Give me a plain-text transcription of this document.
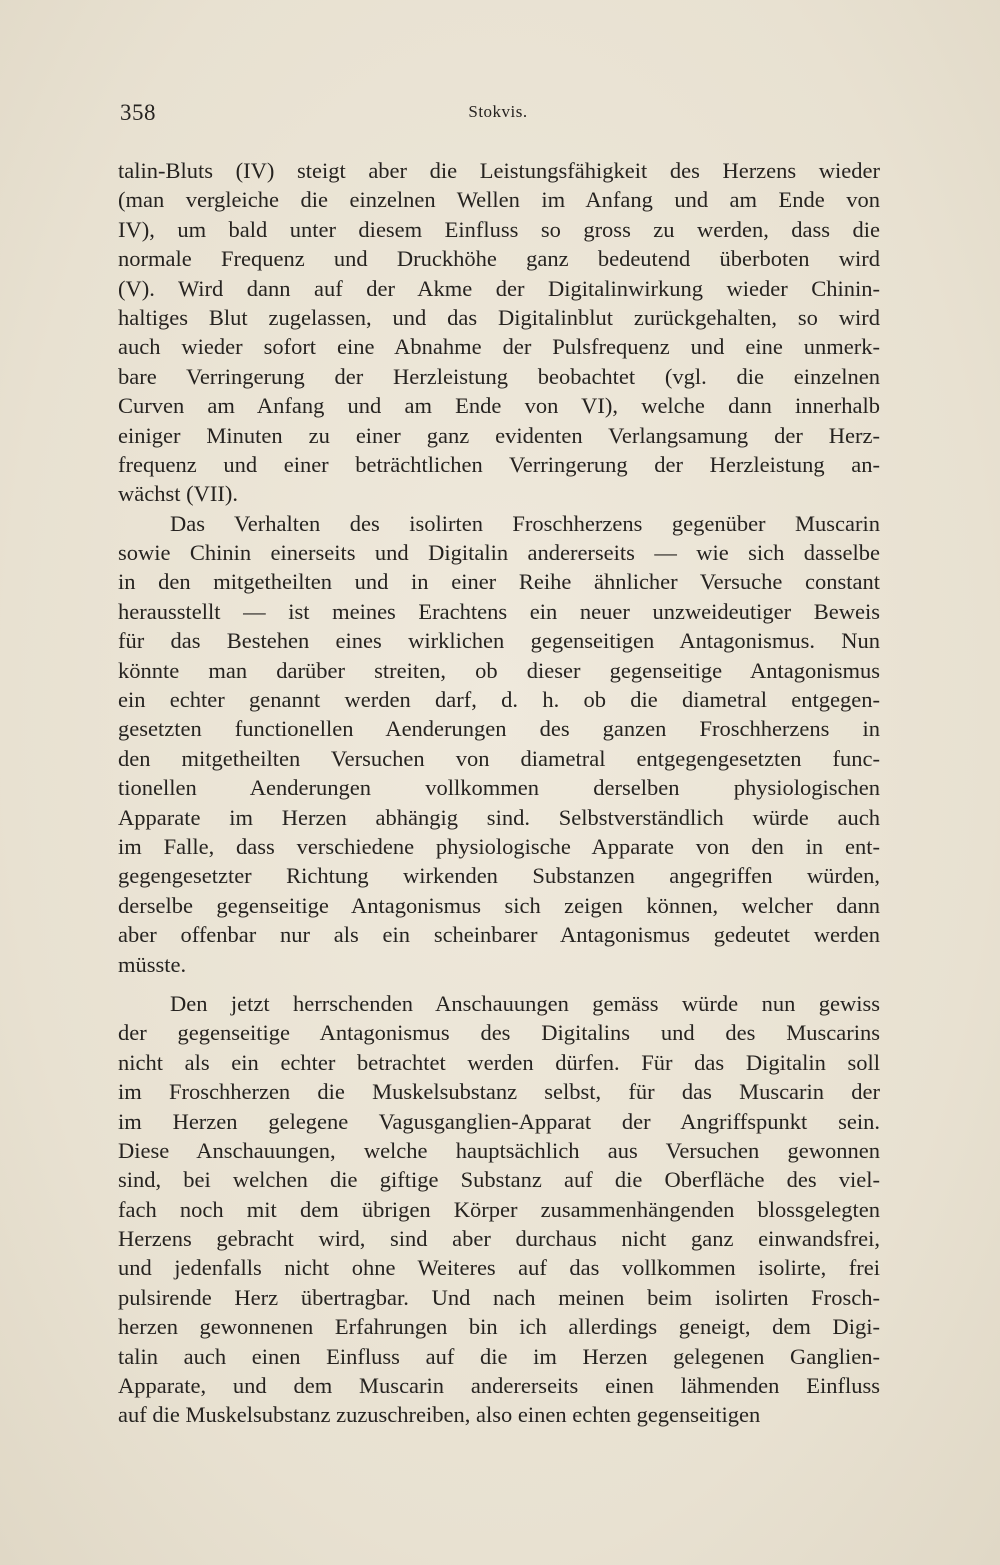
358	Stokvis.
talin-Bluts (IV) steigt aber die Leistungsfähigkeit des Herzens wieder
(man vergleiche die einzelnen Wellen im Anfang und am Ende von
IV), um bald unter diesem Einfluss so gross zu werden, dass die
normale Frequenz und Druckhöhe ganz bedeutend überboten wird
(V). Wird dann auf der Akme der Digitalinwirkung wieder Chinin-
haltiges Blut zugelassen, und das Digitalinblut zurückgehalten, so wird
auch wieder sofort eine Abnahme der Pulsfrequenz und eine unmerk-
bare Verringerung der Herzleistung beobachtet (vgl. die einzelnen
Curven am Anfang und am Ende von VI), welche dann innerhalb
einiger Minuten zu einer ganz evidenten Verlangsamung der Herz-
frequenz und einer beträchtlichen Verringerung der Herzleistung an-
wächst (VII).
Das Verhalten des isolirten Froschherzens gegenüber Muscarin
sowie Chinin einerseits und Digitalin andererseits — wie sich dasselbe
in den mitgetheilten und in einer Reihe ähnlicher Versuche constant
herausstellt — ist meines Erachtens ein neuer unzweideutiger Beweis
für das Bestehen eines wirklichen gegenseitigen Antagonismus. Nun
könnte man darüber streiten, ob dieser gegenseitige Antagonismus
ein echter genannt werden darf, d. h. ob die diametral entgegen-
gesetzten functionellen Aenderungen des ganzen Froschherzens in
den mitgetheilten Versuchen von diametral entgegengesetzten func-
tionellen Aenderungen vollkommen derselben physiologischen
Apparate im Herzen abhängig sind. Selbstverständlich würde auch
im Falle, dass verschiedene physiologische Apparate von den in ent-
gegengesetzter Richtung wirkenden Substanzen angegriffen würden,
derselbe gegenseitige Antagonismus sich zeigen können, welcher dann
aber offenbar nur als ein scheinbarer Antagonismus gedeutet werden
müsste.
Den jetzt herrschenden Anschauungen gemäss würde nun gewiss
der gegenseitige Antagonismus des Digitalins und des Muscarins
nicht als ein echter betrachtet werden dürfen. Für das Digitalin soll
im Froschherzen die Muskelsubstanz selbst, für das Muscarin der
im Herzen gelegene Vagusganglien-Apparat der Angriffspunkt sein.
Diese Anschauungen, welche hauptsächlich aus Versuchen gewonnen
sind, bei welchen die giftige Substanz auf die Oberfläche des viel-
fach noch mit dem übrigen Körper zusammenhängenden blossgelegten
Herzens gebracht wird, sind aber durchaus nicht ganz einwandsfrei,
und jedenfalls nicht ohne Weiteres auf das vollkommen isolirte, frei
pulsirende Herz übertragbar. Und nach meinen beim isolirten Frosch-
herzen gewonnenen Erfahrungen bin ich allerdings geneigt, dem Digi-
talin auch einen Einfluss auf die im Herzen gelegenen Ganglien-
Apparate, und dem Muscarin andererseits einen lähmenden Einfluss
auf die Muskelsubstanz zuzuschreiben, also einen echten gegenseitigen
